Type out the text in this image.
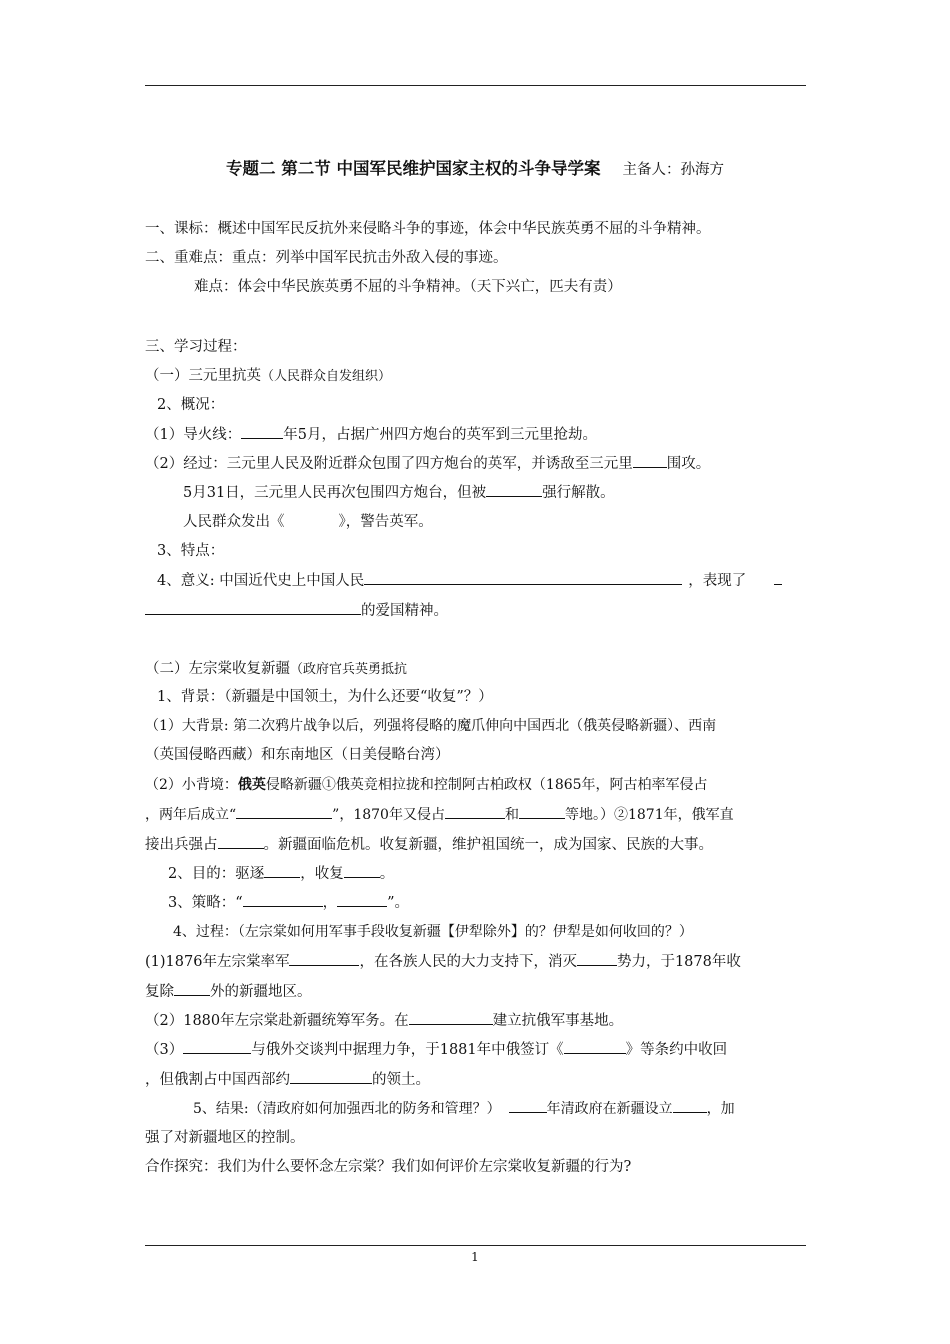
专题二 第二节 中国军民维护国家主权的斗争导学案 主备人：孙海方
一、课标：概述中国军民反抗外来侵略斗争的事迹，体会中华民族英勇不屈的斗争精神。
二、重难点：重点：列举中国军民抗击外敌入侵的事迹。
难点：体会中华民族英勇不屈的斗争精神。（天下兴亡，匹夫有责）
三、学习过程：
（一）三元里抗英（人民群众自发组织）
2、概况：
（1）导火线：	年5月，占据广州四方炮台的英军到三元里抢劫。
（2）经过：三元里人民及附近群众包围了四方炮台的英军，并诱敌至三元里 围攻。
5月31日，三元里人民再次包围四方炮台，但被	强行解散。
人民群众发出《	》，警告英军。
3、特点：
4、意义: 中国近代史上中国人民	，表现了
的爱国精神。
（二）左宗棠收复新疆（政府官兵英勇抵抗
1、背景：（新疆是中国领土，为什么还要“收复”？）
（1）大背景: 第二次鸦片战争以后，列强将侵略的魔爪伸向中国西北（俄英侵略新疆）、西南
（英国侵略西藏）和东南地区（日美侵略台湾）
（2）小背境：俄英侵略新疆①俄英竞相拉拢和控制阿古柏政权（1865年，阿古柏率军侵占
，两年后成立“	”，1870年又侵占	和	等地。）②1871年，俄军直
接出兵强占	。新疆面临危机。收复新疆，维护祖国统一，成为国家、民族的大事。
2、目的：驱逐 ，收复 。
3、策略：“	，	”。
4、过程：（左宗棠如何用军事手段收复新疆【伊犁除外】的？伊犁是如何收回的？）
(1)1876年左宗棠率军	，在各族人民的大力支持下，消灭	势力，于1878年收
复除 外的新疆地区。
（2）1880年左宗棠赴新疆统筹军务。在	建立抗俄军事基地。
（3）	与俄外交谈判中据理力争，于1881年中俄签订《	》等条约中收回
，但俄割占中国西部约	的领土。
5、结果:（清政府如何加强西北的防务和管理？）	年清政府在新疆设立 ，加
强了对新疆地区的控制。
合作探究：我们为什么要怀念左宗棠？我们如何评价左宗棠收复新疆的行为?
1
